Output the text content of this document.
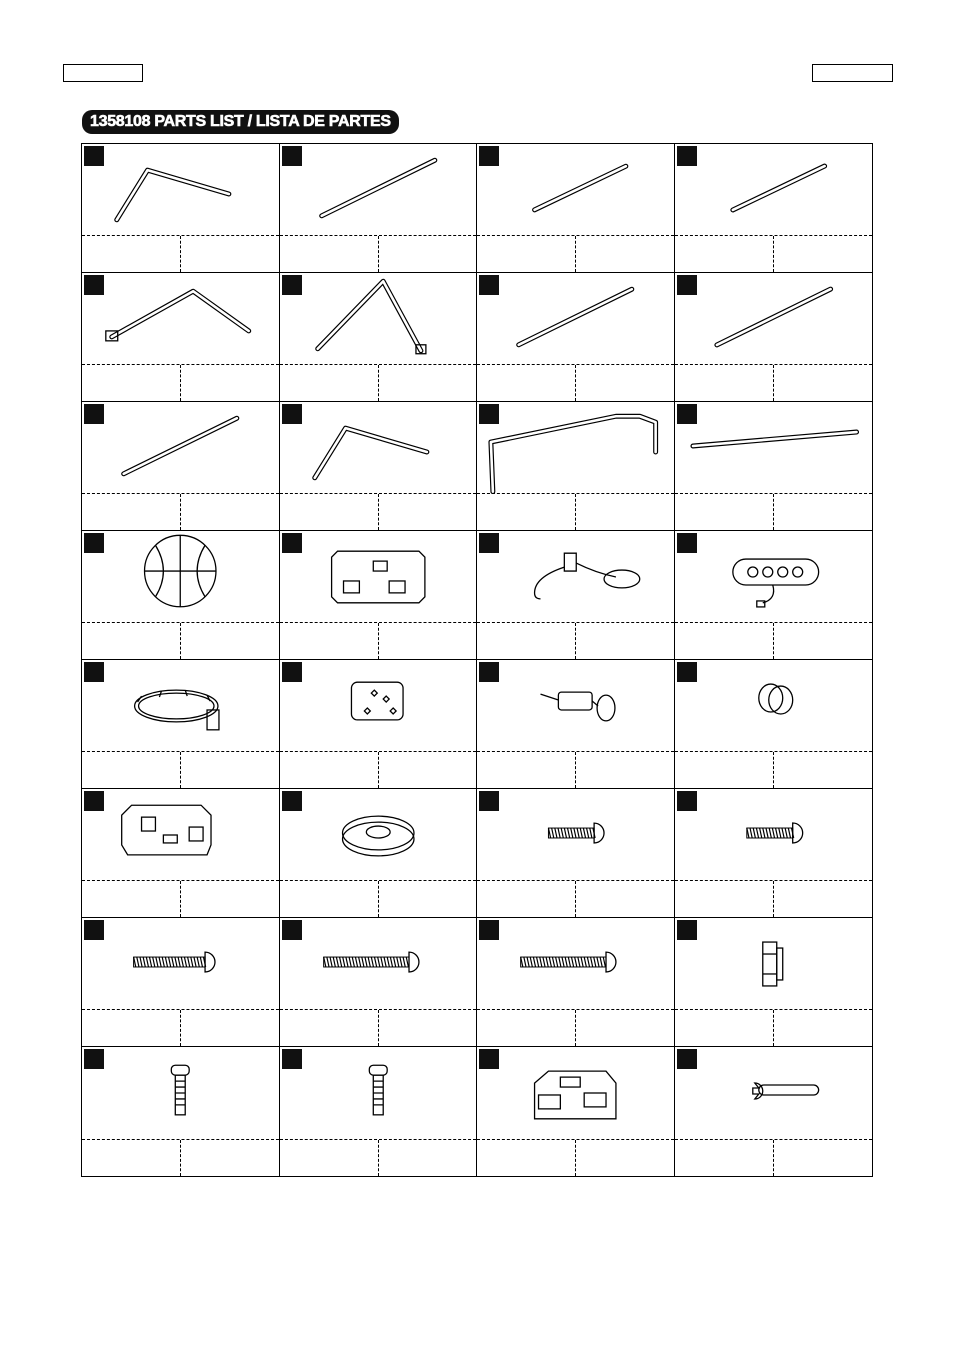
1358108 PARTS LIST / LISTA DE PARTES
